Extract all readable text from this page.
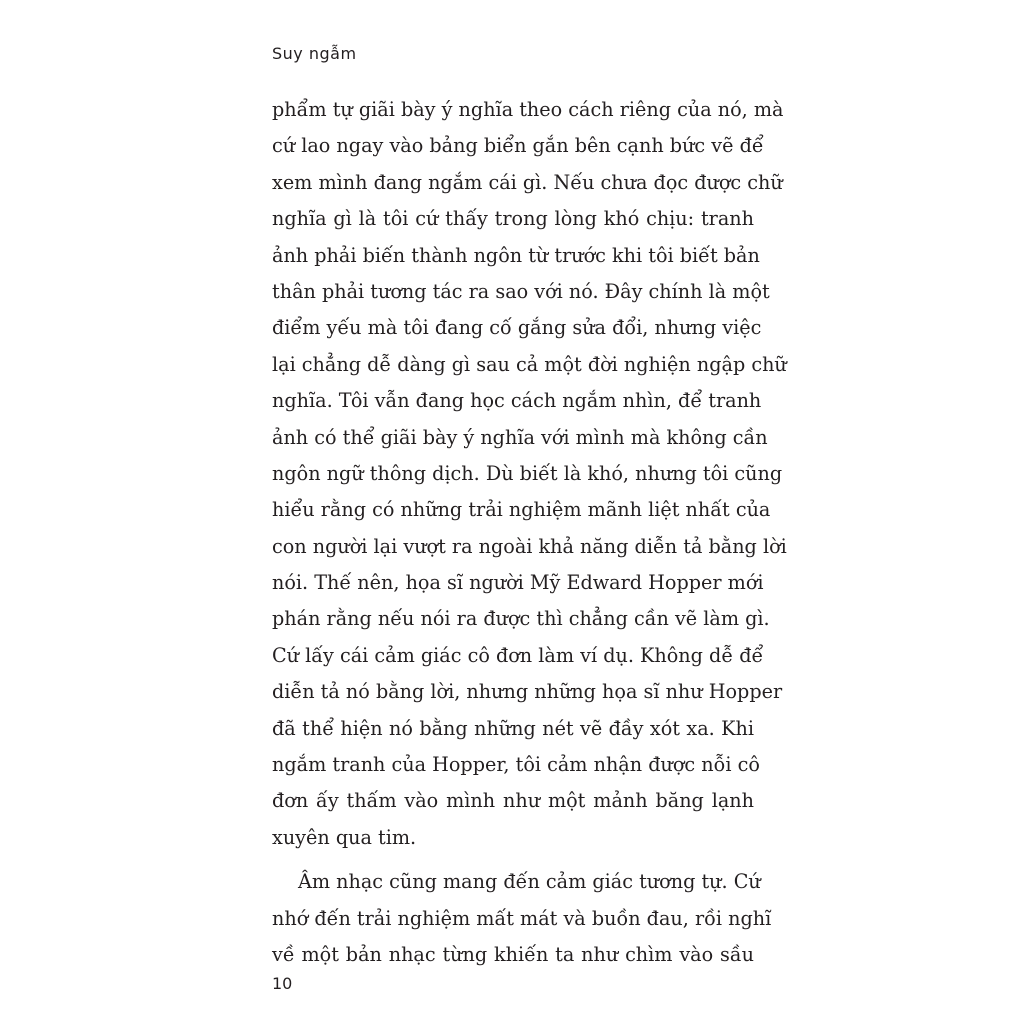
Suy ngẫm
phẩm tự giãi bày ý nghĩa theo cách riêng của nó, mà
cứ lao ngay vào bảng biển gắn bên cạnh bức vẽ để
xem mình đang ngắm cái gì. Nếu chưa đọc được chữ
nghĩa gì là tôi cứ thấy trong lòng khó chịu: tranh
ảnh phải biến thành ngôn từ trước khi tôi biết bản
thân phải tương tác ra sao với nó. Đây chính là một
điểm yếu mà tôi đang cố gắng sửa đổi, nhưng việc
lại chẳng dễ dàng gì sau cả một đời nghiện ngập chữ
nghĩa. Tôi vẫn đang học cách ngắm nhìn, để tranh
ảnh có thể giãi bày ý nghĩa với mình mà không cần
ngôn ngữ thông dịch. Dù biết là khó, nhưng tôi cũng
hiểu rằng có những trải nghiệm mãnh liệt nhất của
con người lại vượt ra ngoài khả năng diễn tả bằng lời
nói. Thế nên, họa sĩ người Mỹ Edward Hopper mới
phán rằng nếu nói ra được thì chẳng cần vẽ làm gì.
Cứ lấy cái cảm giác cô đơn làm ví dụ. Không dễ để
diễn tả nó bằng lời, nhưng những họa sĩ như Hopper
đã thể hiện nó bằng những nét vẽ đầy xót xa. Khi
ngắm tranh của Hopper, tôi cảm nhận được nỗi cô
đơn ấy thấm vào mình như một mảnh băng lạnh
xuyên qua tim.
Âm nhạc cũng mang đến cảm giác tương tự. Cứ
nhớ đến trải nghiệm mất mát và buồn đau, rồi nghĩ
về một bản nhạc từng khiến ta như chìm vào sầu
10
